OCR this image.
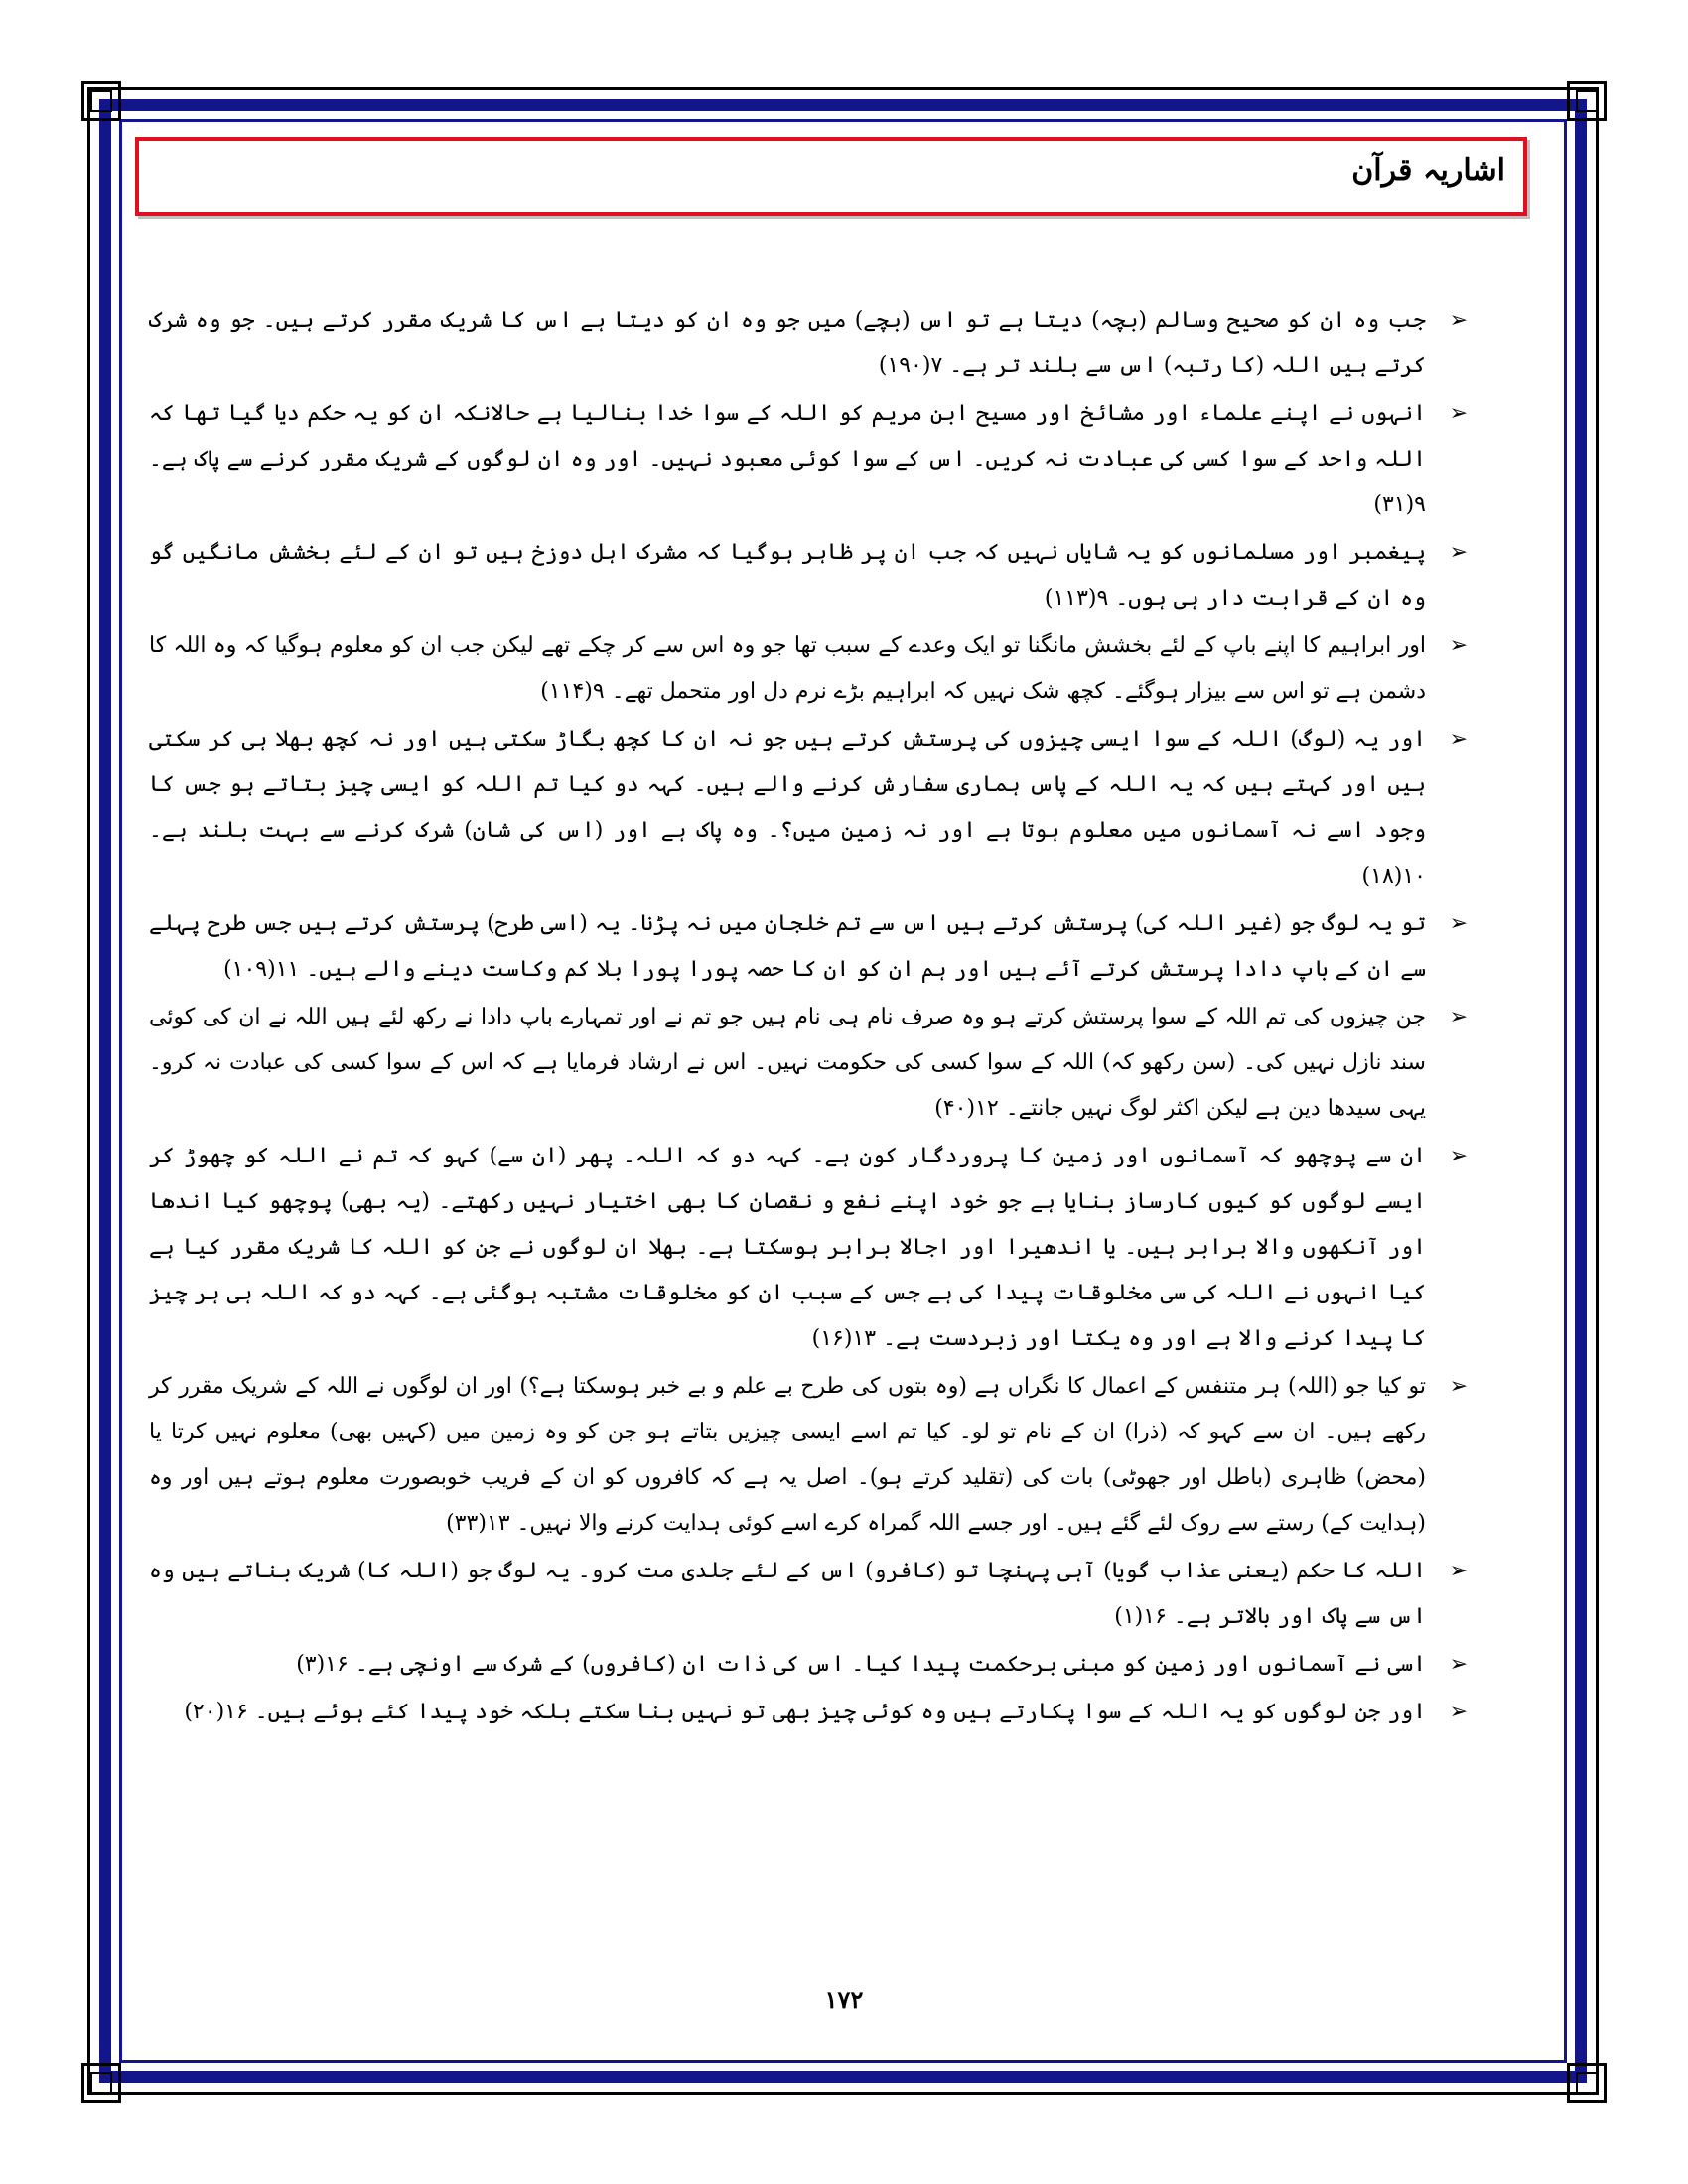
اشاریہ قرآن
➢
جب وہ ان کو صحیح وسالم (بچہ) دیتا ہے تو اس (بچے) میں جو وہ ان کو دیتا ہے اس کا شریک مقرر کرتے ہیں۔ جو وہ شرک کرتے ہیں اللہ (کا رتبہ) اس سے بلند تر ہے۔ ۷(۱۹۰)
➢
انہوں نے اپنے علماء اور مشائخ اور مسیح ابن مریم کو اللہ کے سوا خدا بنالیا ہے حالانکہ ان کو یہ حکم دیا گیا تھا کہ اللہ واحد کے سوا کسی کی عبادت نہ کریں۔ اس کے سوا کوئی معبود نہیں۔ اور وہ ان لوگوں کے شریک مقرر کرنے سے پاک ہے۔ ۹(۳۱)
➢
پیغمبر اور مسلمانوں کو یہ شایاں نہیں کہ جب ان پر ظاہر ہوگیا کہ مشرک اہل دوزخ ہیں تو ان کے لئے بخشش مانگیں گو وہ ان کے قرابت دار ہی ہوں۔ ۹(۱۱۳)
➢
اور ابراہیم کا اپنے باپ کے لئے بخشش مانگنا تو ایک وعدے کے سبب تھا جو وہ اس سے کر چکے تھے لیکن جب ان کو معلوم ہوگیا کہ وہ اللہ کا دشمن ہے تو اس سے بیزار ہوگئے۔ کچھ شک نہیں کہ ابراہیم بڑے نرم دل اور متحمل تھے۔ ۹(۱۱۴)
➢
اور یہ (لوگ) اللہ کے سوا ایسی چیزوں کی پرستش کرتے ہیں جو نہ ان کا کچھ بگاڑ سکتی ہیں اور نہ کچھ بھلا ہی کر سکتی ہیں اور کہتے ہیں کہ یہ اللہ کے پاس ہماری سفارش کرنے والے ہیں۔ کہہ دو کیا تم اللہ کو ایسی چیز بتاتے ہو جس کا وجود اسے نہ آسمانوں میں معلوم ہوتا ہے اور نہ زمین میں؟۔ وہ پاک ہے اور (اس کی شان) شرک کرنے سے بہت بلند ہے۔ ۱۰(۱۸)
➢
تو یہ لوگ جو (غیر اللہ کی) پرستش کرتے ہیں اس سے تم خلجان میں نہ پڑنا۔ یہ (اسی طرح) پرستش کرتے ہیں جس طرح پہلے سے ان کے باپ دادا پرستش کرتے آئے ہیں اور ہم ان کو ان کا حصہ پورا پورا بلا کم وکاست دینے والے ہیں۔ ۱۱(۱۰۹)
➢
جن چیزوں کی تم اللہ کے سوا پرستش کرتے ہو وہ صرف نام ہی نام ہیں جو تم نے اور تمہارے باپ دادا نے رکھ لئے ہیں اللہ نے ان کی کوئی سند نازل نہیں کی۔ (سن رکھو کہ) اللہ کے سوا کسی کی حکومت نہیں۔ اس نے ارشاد فرمایا ہے کہ اس کے سوا کسی کی عبادت نہ کرو۔ یہی سیدھا دین ہے لیکن اکثر لوگ نہیں جانتے۔ ۱۲(۴۰)
➢
ان سے پوچھو کہ آسمانوں اور زمین کا پروردگار کون ہے۔ کہہ دو کہ اللہ۔ پھر (ان سے) کہو کہ تم نے اللہ کو چھوڑ کر ایسے لوگوں کو کیوں کارساز بنایا ہے جو خود اپنے نفع و نقصان کا بھی اختیار نہیں رکھتے۔ (یہ بھی) پوچھو کیا اندھا اور آنکھوں والا برابر ہیں۔ یا اندھیرا اور اجالا برابر ہوسکتا ہے۔ بھلا ان لوگوں نے جن کو اللہ کا شریک مقرر کیا ہے کیا انہوں نے اللہ کی سی مخلوقات پیدا کی ہے جس کے سبب ان کو مخلوقات مشتبہ ہوگئی ہے۔ کہہ دو کہ اللہ ہی ہر چیز کا پیدا کرنے والا ہے اور وہ یکتا اور زبردست ہے۔ ۱۳(۱۶)
➢
تو کیا جو (اللہ) ہر متنفس کے اعمال کا نگراں ہے (وہ بتوں کی طرح بے علم و بے خبر ہوسکتا ہے؟) اور ان لوگوں نے اللہ کے شریک مقرر کر رکھے ہیں۔ ان سے کہو کہ (ذرا) ان کے نام تو لو۔ کیا تم اسے ایسی چیزیں بتاتے ہو جن کو وہ زمین میں (کہیں بھی) معلوم نہیں کرتا یا (محض) ظاہری (باطل اور جھوٹی) بات کی (تقلید کرتے ہو)۔ اصل یہ ہے کہ کافروں کو ان کے فریب خوبصورت معلوم ہوتے ہیں اور وہ (ہدایت کے) رستے سے روک لئے گئے ہیں۔ اور جسے اللہ گمراہ کرے اسے کوئی ہدایت کرنے والا نہیں۔ ۱۳(۳۳)
➢
اللہ کا حکم (یعنی عذاب گویا) آہی پہنچا تو (کافرو) اس کے لئے جلدی مت کرو۔ یہ لوگ جو (اللہ کا) شریک بناتے ہیں وہ اس سے پاک اور بالاتر ہے۔ ۱۶(۱)
➢
اسی نے آسمانوں اور زمین کو مبنی برحکمت پیدا کیا۔ اس کی ذات ان (کافروں) کے شرک سے اونچی ہے۔ ۱۶(۳)
➢
اور جن لوگوں کو یہ اللہ کے سوا پکارتے ہیں وہ کوئی چیز بھی تو نہیں بنا سکتے بلکہ خود پیدا کئے ہوئے ہیں۔ ۱۶(۲۰)
۱۷۲
